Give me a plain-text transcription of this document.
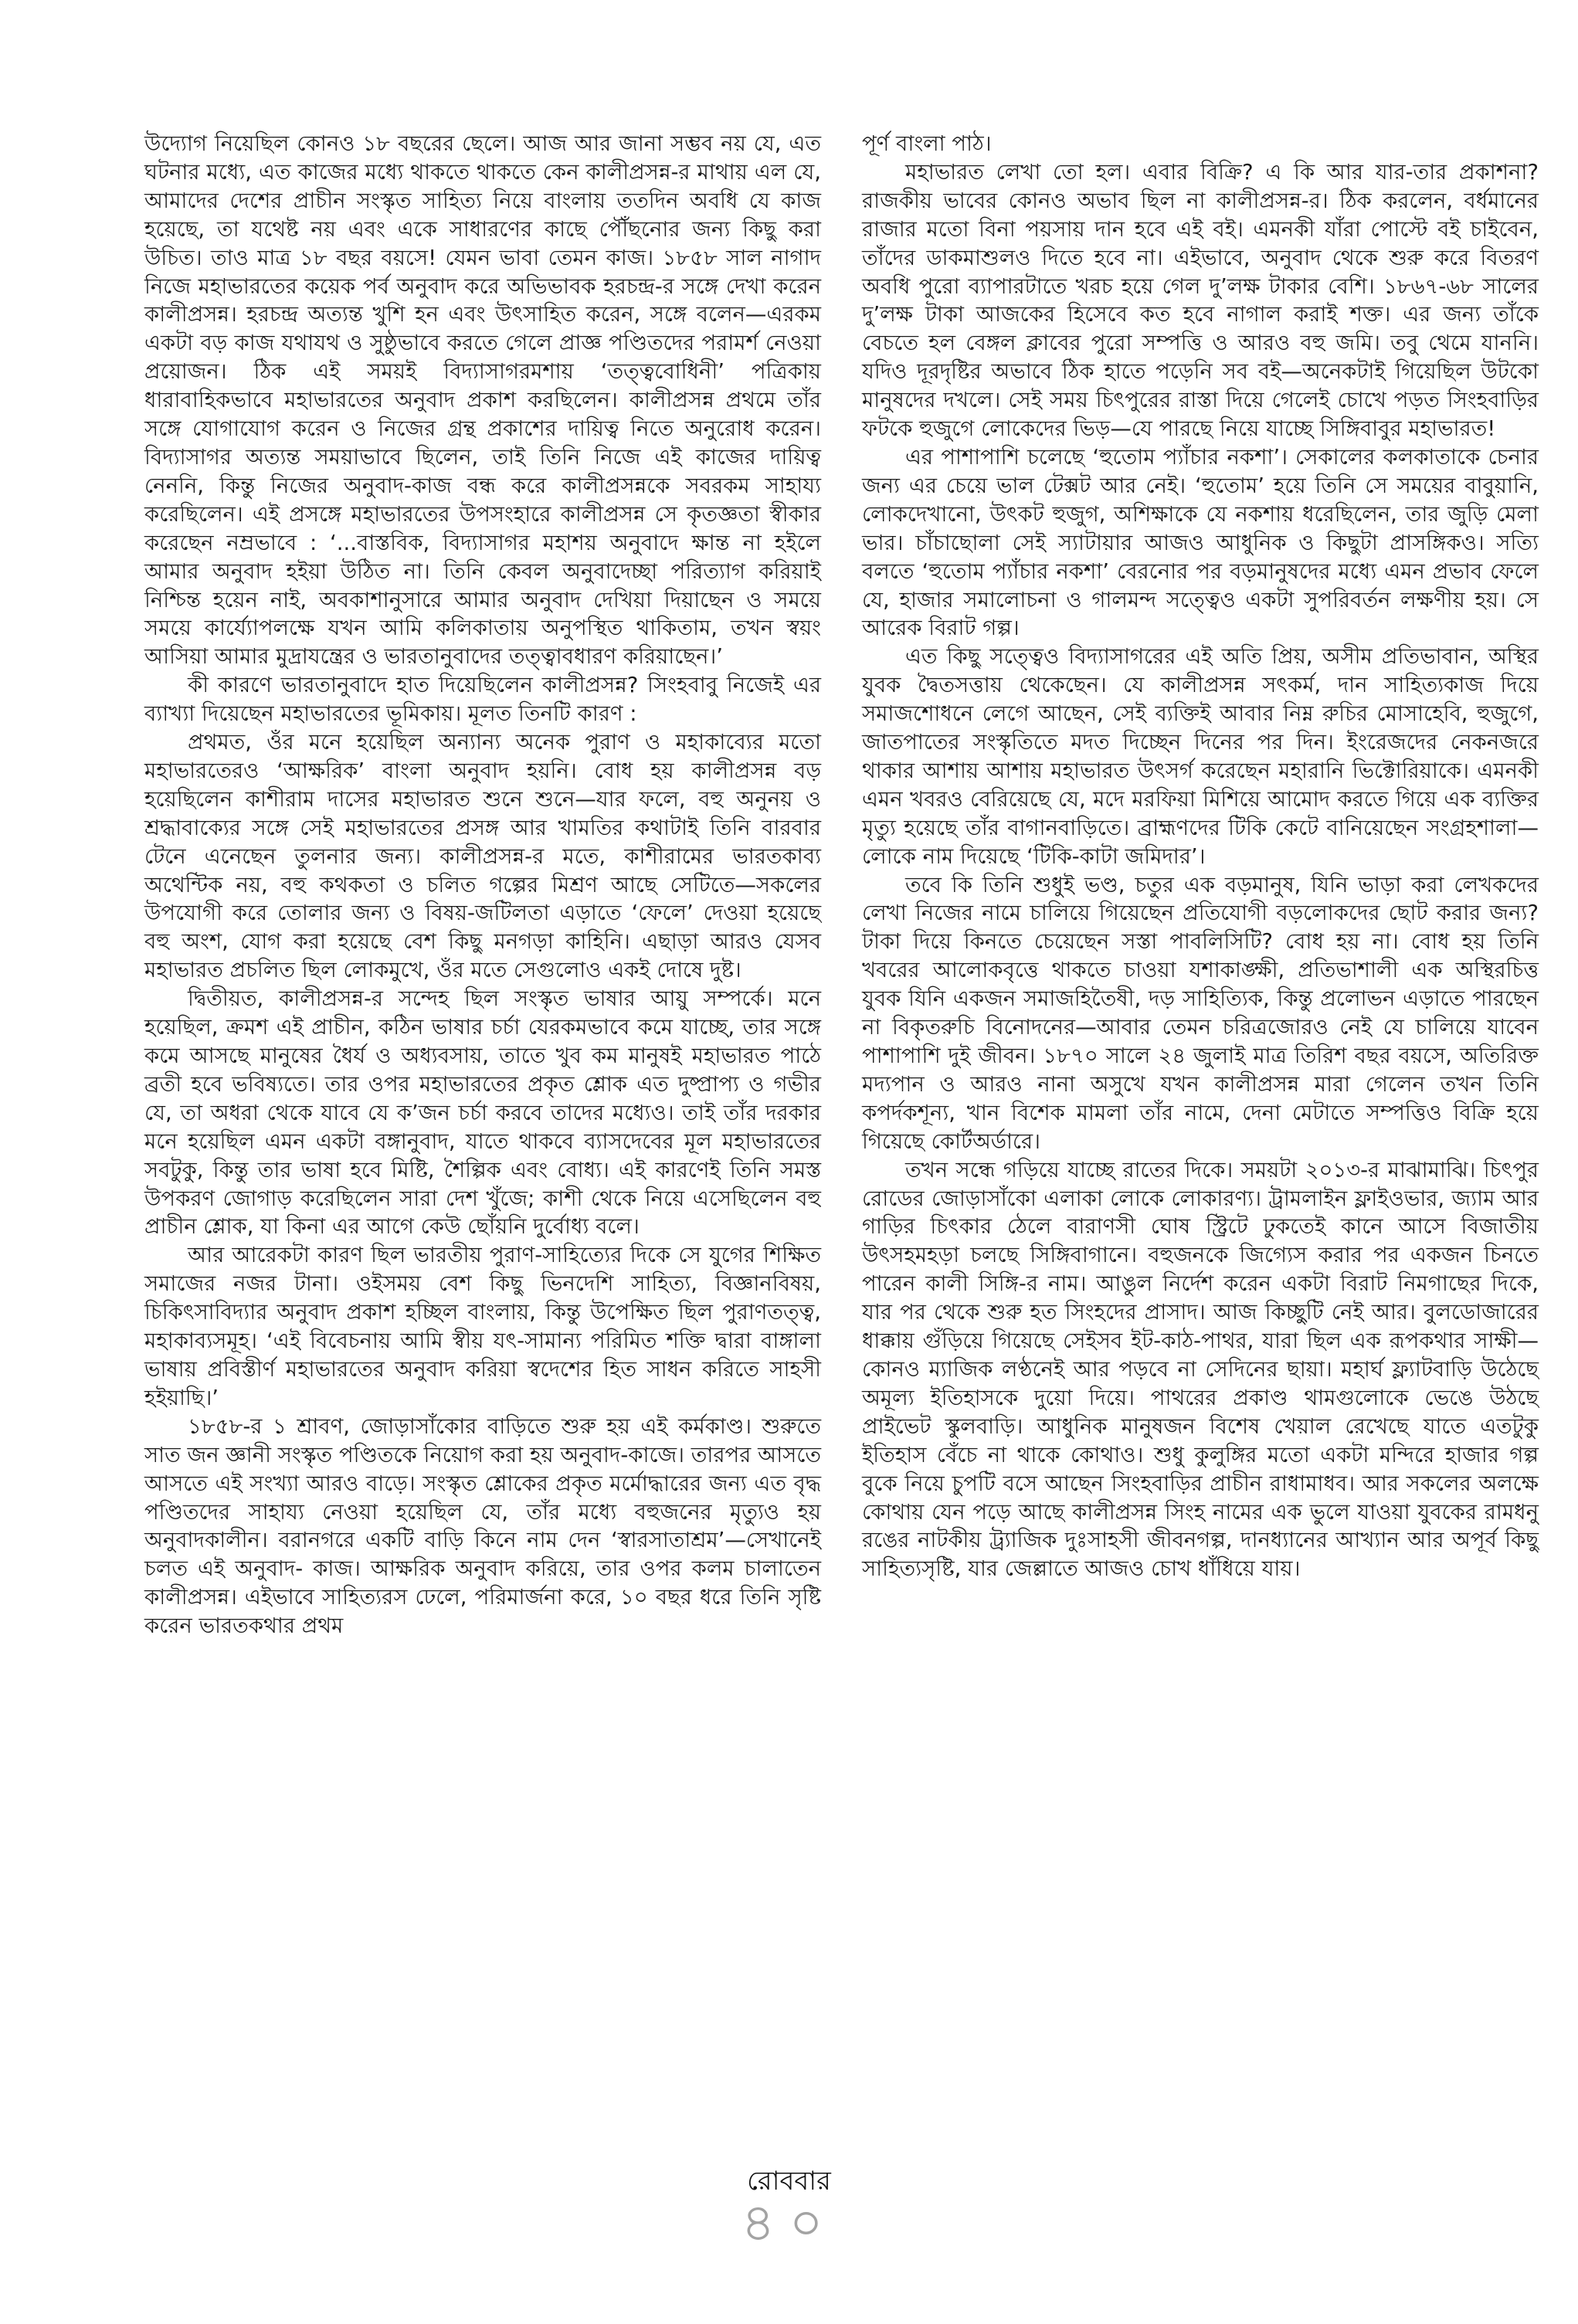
উদ্যোগ নিয়েছিল কোনও ১৮ বছরের ছেলে। আজ আর জানা সম্ভব নয় যে, এত ঘটনার মধ্যে, এত কাজের মধ্যে থাকতে থাকতে কেন কালীপ্রসন্ন-র মাথায় এল যে, আমাদের দেশের প্রাচীন সংস্কৃত সাহিত্য নিয়ে বাংলায় ততদিন অবধি যে কাজ হয়েছে, তা যথেষ্ট নয় এবং একে সাধারণের কাছে পৌঁছনোর জন্য কিছু করা উচিত। তাও মাত্র ১৮ বছর বয়সে! যেমন ভাবা তেমন কাজ। ১৮৫৮ সাল নাগাদ নিজে মহাভারতের কয়েক পর্ব অনুবাদ করে অভিভাবক হরচন্দ্র-র সঙ্গে দেখা করেন কালীপ্রসন্ন। হরচন্দ্র অত্যন্ত খুশি হন এবং উৎসাহিত করেন, সঙ্গে বলেন—এরকম একটা বড় কাজ যথাযথ ও সুষ্ঠুভাবে করতে গেলে প্রাজ্ঞ পণ্ডিতদের পরামর্শ নেওয়া প্রয়োজন। ঠিক এই সময়ই বিদ্যাসাগরমশায় ‘তত্ত্ববোধিনী’ পত্রিকায় ধারাবাহিকভাবে মহাভারতের অনুবাদ প্রকাশ করছিলেন। কালীপ্রসন্ন প্রথমে তাঁর সঙ্গে যোগাযোগ করেন ও নিজের গ্রন্থ প্রকাশের দায়িত্ব নিতে অনুরোধ করেন। বিদ্যাসাগর অত্যন্ত সময়াভাবে ছিলেন, তাই তিনি নিজে এই কাজের দায়িত্ব নেননি, কিন্তু নিজের অনুবাদ-কাজ বন্ধ করে কালীপ্রসন্নকে সবরকম সাহায্য করেছিলেন। এই প্রসঙ্গে মহাভারতের উপসংহারে কালীপ্রসন্ন সে কৃতজ্ঞতা স্বীকার করেছেন নম্রভাবে : ‘...বাস্তবিক, বিদ্যাসাগর মহাশয় অনুবাদে ক্ষান্ত না হইলে আমার অনুবাদ হইয়া উঠিত না। তিনি কেবল অনুবাদেচ্ছা পরিত্যাগ করিয়াই নিশ্চিন্ত হয়েন নাই, অবকাশানুসারে আমার অনুবাদ দেখিয়া দিয়াছেন ও সময়ে সময়ে কার্য্যোপলক্ষে যখন আমি কলিকাতায় অনুপস্থিত থাকিতাম, তখন স্বয়ং আসিয়া আমার মুদ্রাযন্ত্রের ও ভারতানুবাদের তত্ত্বাবধারণ করিয়াছেন।’

কী কারণে ভারতানুবাদে হাত দিয়েছিলেন কালীপ্রসন্ন? সিংহবাবু নিজেই এর ব্যাখ্যা দিয়েছেন মহাভারতের ভূমিকায়। মূলত তিনটি কারণ :

প্রথমত, ওঁর মনে হয়েছিল অন্যান্য অনেক পুরাণ ও মহাকাব্যের মতো মহাভারতেরও ‘আক্ষরিক’ বাংলা অনুবাদ হয়নি। বোধ হয় কালীপ্রসন্ন বড় হয়েছিলেন কাশীরাম দাসের মহাভারত শুনে শুনে—যার ফলে, বহু অনুনয় ও শ্রদ্ধাবাক্যের সঙ্গে সেই মহাভারতের প্রসঙ্গ আর খামতির কথাটাই তিনি বারবার টেনে এনেছেন তুলনার জন্য। কালীপ্রসন্ন-র মতে, কাশীরামের ভারতকাব্য অথেন্টিক নয়, বহু কথকতা ও চলিত গল্পের মিশ্রণ আছে সেটিতে—সকলের উপযোগী করে তোলার জন্য ও বিষয়-জটিলতা এড়াতে ‘ফেলে’ দেওয়া হয়েছে বহু অংশ, যোগ করা হয়েছে বেশ কিছু মনগড়া কাহিনি। এছাড়া আরও যেসব মহাভারত প্রচলিত ছিল লোকমুখে, ওঁর মতে সেগুলোও একই দোষে দুষ্ট।

দ্বিতীয়ত, কালীপ্রসন্ন-র সন্দেহ ছিল সংস্কৃত ভাষার আয়ু সম্পর্কে। মনে হয়েছিল, ক্রমশ এই প্রাচীন, কঠিন ভাষার চর্চা যেরকমভাবে কমে যাচ্ছে, তার সঙ্গে কমে আসছে মানুষের ধৈর্য ও অধ্যবসায়, তাতে খুব কম মানুষই মহাভারত পাঠে ব্রতী হবে ভবিষ্যতে। তার ওপর মহাভারতের প্রকৃত শ্লোক এত দুষ্প্রাপ্য ও গভীর যে, তা অধরা থেকে যাবে যে ক’জন চর্চা করবে তাদের মধ্যেও। তাই তাঁর দরকার মনে হয়েছিল এমন একটা বঙ্গানুবাদ, যাতে থাকবে ব্যাসদেবের মূল মহাভারতের সবটুকু, কিন্তু তার ভাষা হবে মিষ্টি, শৈল্পিক এবং বোধ্য। এই কারণেই তিনি সমস্ত উপকরণ জোগাড় করেছিলেন সারা দেশ খুঁজে; কাশী থেকে নিয়ে এসেছিলেন বহু প্রাচীন শ্লোক, যা কিনা এর আগে কেউ ছোঁয়নি দুর্বোধ্য বলে।

আর আরেকটা কারণ ছিল ভারতীয় পুরাণ-সাহিত্যের দিকে সে যুগের শিক্ষিত সমাজের নজর টানা। ওইসময় বেশ কিছু ভিনদেশি সাহিত্য, বিজ্ঞানবিষয়, চিকিৎসাবিদ্যার অনুবাদ প্রকাশ হচ্ছিল বাংলায়, কিন্তু উপেক্ষিত ছিল পুরাণতত্ত্ব, মহাকাব্যসমূহ। ‘এই বিবেচনায় আমি স্বীয় যৎ-সামান্য পরিমিত শক্তি দ্বারা বাঙ্গালা ভাষায় প্রবিস্তীর্ণ মহাভারতের অনুবাদ করিয়া স্বদেশের হিত সাধন করিতে সাহসী হইয়াছি।’

১৮৫৮-র ১ শ্রাবণ, জোড়াসাঁকোর বাড়িতে শুরু হয় এই কর্মকাণ্ড। শুরুতে সাত জন জ্ঞানী সংস্কৃত পণ্ডিতকে নিয়োগ করা হয় অনুবাদ-কাজে। তারপর আসতে আসতে এই সংখ্যা আরও বাড়ে। সংস্কৃত শ্লোকের প্রকৃত মর্মোদ্ধারের জন্য এত বৃদ্ধ পণ্ডিতদের সাহায্য নেওয়া হয়েছিল যে, তাঁর মধ্যে বহুজনের মৃত্যুও হয় অনুবাদকালীন। বরানগরে একটি বাড়ি কিনে নাম দেন ‘স্বারসাতাশ্রম’—সেখানেই চলত এই অনুবাদ- কাজ। আক্ষরিক অনুবাদ করিয়ে, তার ওপর কলম চালাতেন কালীপ্রসন্ন। এইভাবে সাহিত্যরস ঢেলে, পরিমার্জনা করে, ১০ বছর ধরে তিনি সৃষ্টি করেন ভারতকথার প্রথম

পূর্ণ বাংলা পাঠ।

মহাভারত লেখা তো হল। এবার বিক্রি? এ কি আর যার-তার প্রকাশনা? রাজকীয় ভাবের কোনও অভাব ছিল না কালীপ্রসন্ন-র। ঠিক করলেন, বর্ধমানের রাজার মতো বিনা পয়সায় দান হবে এই বই। এমনকী যাঁরা পোস্টে বই চাইবেন, তাঁদের ডাকমাশুলও দিতে হবে না। এইভাবে, অনুবাদ থেকে শুরু করে বিতরণ অবধি পুরো ব্যাপারটাতে খরচ হয়ে গেল দু’লক্ষ টাকার বেশি। ১৮৬৭-৬৮ সালের দু’লক্ষ টাকা আজকের হিসেবে কত হবে নাগাল করাই শক্ত। এর জন্য তাঁকে বেচতে হল বেঙ্গল ক্লাবের পুরো সম্পত্তি ও আরও বহু জমি। তবু থেমে যাননি। যদিও দূরদৃষ্টির অভাবে ঠিক হাতে পড়েনি সব বই—অনেকটাই গিয়েছিল উটকো মানুষদের দখলে। সেই সময় চিৎপুরের রাস্তা দিয়ে গেলেই চোখে পড়ত সিংহবাড়ির ফটকে হুজুগে লোকেদের ভিড়—যে পারছে নিয়ে যাচ্ছে সিঙ্গিবাবুর মহাভারত!

এর পাশাপাশি চলেছে ‘হুতোম প্যাঁচার নকশা’। সেকালের কলকাতাকে চেনার জন্য এর চেয়ে ভাল টেক্সট আর নেই। ‘হুতোম’ হয়ে তিনি সে সময়ের বাবুয়ানি, লোকদেখানো, উৎকট হুজুগ, অশিক্ষাকে যে নকশায় ধরেছিলেন, তার জুড়ি মেলা ভার। চাঁচাছোলা সেই স্যাটায়ার আজও আধুনিক ও কিছুটা প্রাসঙ্গিকও। সত্যি বলতে ‘হুতোম প্যাঁচার নকশা’ বেরনোর পর বড়মানুষদের মধ্যে এমন প্রভাব ফেলে যে, হাজার সমালোচনা ও গালমন্দ সত্ত্বেও একটা সুপরিবর্তন লক্ষণীয় হয়। সে আরেক বিরাট গল্প।

এত কিছু সত্ত্বেও বিদ্যাসাগরের এই অতি প্রিয়, অসীম প্রতিভাবান, অস্থির যুবক দ্বৈতসত্তায় থেকেছেন। যে কালীপ্রসন্ন সৎকর্ম, দান সাহিত্যকাজ দিয়ে সমাজশোধনে লেগে আছেন, সেই ব্যক্তিই আবার নিম্ন রুচির মোসাহেবি, হুজুগে, জাতপাতের সংস্কৃতিতে মদত দিচ্ছেন দিনের পর দিন। ইংরেজদের নেকনজরে থাকার আশায় আশায় মহাভারত উৎসর্গ করেছেন মহারানি ভিক্টোরিয়াকে। এমনকী এমন খবরও বেরিয়েছে যে, মদে মরফিয়া মিশিয়ে আমোদ করতে গিয়ে এক ব্যক্তির মৃত্যু হয়েছে তাঁর বাগানবাড়িতে। ব্রাহ্মণদের টিকি কেটে বানিয়েছেন সংগ্রহশালা—লোকে নাম দিয়েছে ‘টিকি-কাটা জমিদার’।

তবে কি তিনি শুধুই ভণ্ড, চতুর এক বড়মানুষ, যিনি ভাড়া করা লেখকদের লেখা নিজের নামে চালিয়ে গিয়েছেন প্রতিযোগী বড়লোকদের ছোট করার জন্য? টাকা দিয়ে কিনতে চেয়েছেন সস্তা পাবলিসিটি? বোধ হয় না। বোধ হয় তিনি খবরের আলোকবৃত্তে থাকতে চাওয়া যশাকাঙ্ক্ষী, প্রতিভাশালী এক অস্থিরচিত্ত যুবক যিনি একজন সমাজহিতৈষী, দড় সাহিত্যিক, কিন্তু প্রলোভন এড়াতে পারছেন না বিকৃতরুচি বিনোদনের—আবার তেমন চরিত্রজোরও নেই যে চালিয়ে যাবেন পাশাপাশি দুই জীবন। ১৮৭০ সালে ২৪ জুলাই মাত্র তিরিশ বছর বয়সে, অতিরিক্ত মদ্যপান ও আরও নানা অসুখে যখন কালীপ্রসন্ন মারা গেলেন তখন তিনি কপর্দকশূন্য, খান বিশেক মামলা তাঁর নামে, দেনা মেটাতে সম্পত্তিও বিক্রি হয়ে গিয়েছে কোর্টঅর্ডারে।

তখন সন্ধে গড়িয়ে যাচ্ছে রাতের দিকে। সময়টা ২০১৩-র মাঝামাঝি। চিৎপুর রোডের জোড়াসাঁকো এলাকা লোকে লোকারণ্য। ট্রামলাইন ফ্লাইওভার, জ্যাম আর গাড়ির চিৎকার ঠেলে বারাণসী ঘোষ স্ট্রিটে ঢুকতেই কানে আসে বিজাতীয় উৎসহমহড়া চলছে সিঙ্গিবাগানে। বহুজনকে জিগ্যেস করার পর একজন চিনতে পারেন কালী সিঙ্গি-র নাম। আঙুল নির্দেশ করেন একটা বিরাট নিমগাছের দিকে, যার পর থেকে শুরু হত সিংহদের প্রাসাদ। আজ কিচ্ছুটি নেই আর। বুলডোজারের ধাক্কায় গুঁড়িয়ে গিয়েছে সেইসব ইট-কাঠ-পাথর, যারা ছিল এক রূপকথার সাক্ষী—কোনও ম্যাজিক লণ্ঠনেই আর পড়বে না সেদিনের ছায়া। মহার্ঘ ফ্ল্যাটবাড়ি উঠেছে অমূল্য ইতিহাসকে দুয়ো দিয়ে। পাথরের প্রকাণ্ড থামগুলোকে ভেঙে উঠছে প্রাইভেট স্কুলবাড়ি। আধুনিক মানুষজন বিশেষ খেয়াল রেখেছে যাতে এতটুকু ইতিহাস বেঁচে না থাকে কোথাও। শুধু কুলুঙ্গির মতো একটা মন্দিরে হাজার গল্প বুকে নিয়ে চুপটি বসে আছেন সিংহবাড়ির প্রাচীন রাধামাধব। আর সকলের অলক্ষে কোথায় যেন পড়ে আছে কালীপ্রসন্ন সিংহ নামের এক ভুলে যাওয়া যুবকের রামধনু রঙের নাটকীয় ট্র্যাজিক দুঃসাহসী জীবনগল্প, দানধ্যানের আখ্যান আর অপূর্ব কিছু সাহিত্যসৃষ্টি, যার জেল্লাতে আজও চোখ ধাঁধিয়ে যায়।

রোববার
৪০
